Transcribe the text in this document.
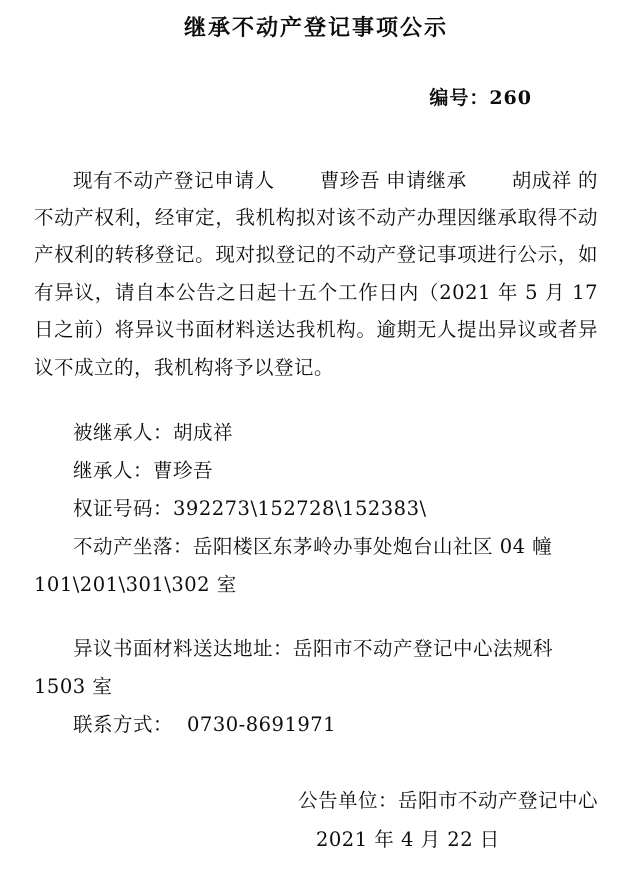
继承不动产登记事项公示
编号：260

现有不动产登记申请人 曹珍吾 申请继承 胡成祥 的不动产权利，经审定，我机构拟对该不动产办理因继承取得不动产权利的转移登记。现对拟登记的不动产登记事项进行公示，如有异议，请自本公告之日起十五个工作日内（2021 年 5 月 17 日之前）将异议书面材料送达我机构。逾期无人提出异议或者异议不成立的，我机构将予以登记。

被继承人：胡成祥

继承人：曹珍吾

权证号码：392273\152728\152383\

不动产坐落：岳阳楼区东茅岭办事处炮台山社区 04 幢

101\201\301\302 室

异议书面材料送达地址：岳阳市不动产登记中心法规科

1503 室

联系方式： 0730-8691971

公告单位：岳阳市不动产登记中心

2021 年 4 月 22 日
